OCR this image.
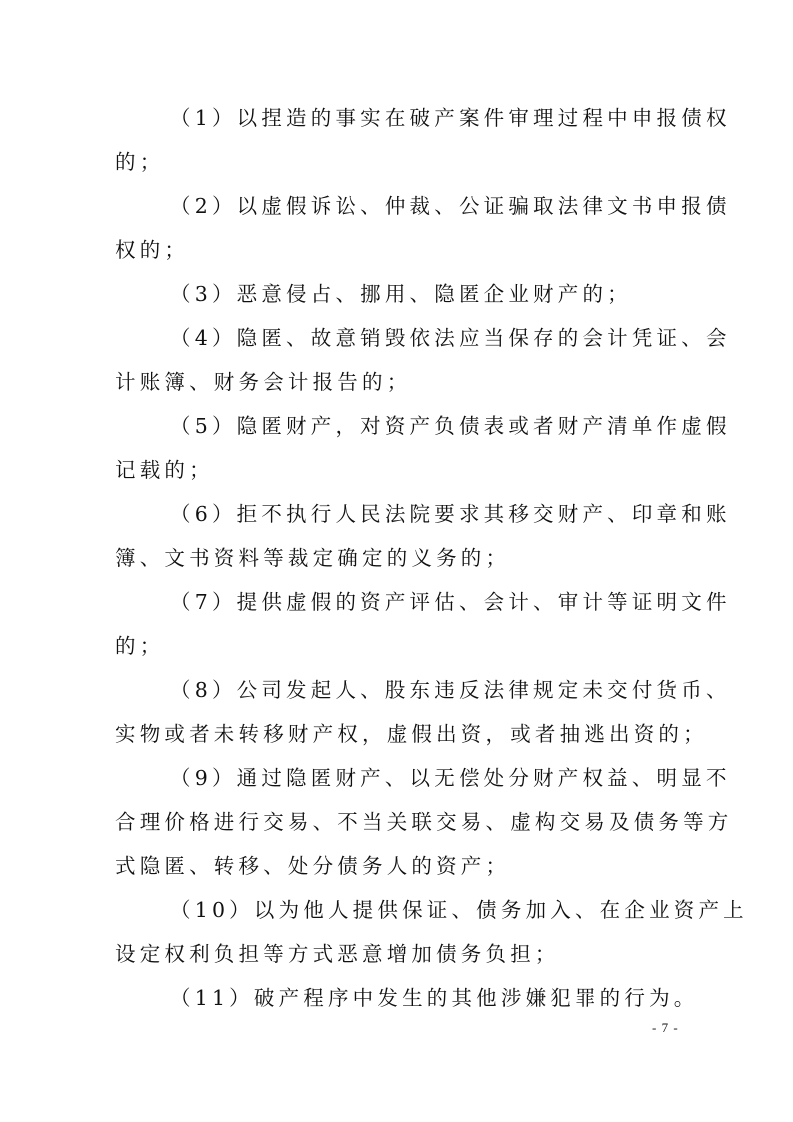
（1）以捏造的事实在破产案件审理过程中申报债权
的；
（2）以虚假诉讼、仲裁、公证骗取法律文书申报债
权的；
（3）恶意侵占、挪用、隐匿企业财产的；
（4）隐匿、故意销毁依法应当保存的会计凭证、会
计账簿、财务会计报告的；
（5）隐匿财产，对资产负债表或者财产清单作虚假
记载的；
（6）拒不执行人民法院要求其移交财产、印章和账
簿、文书资料等裁定确定的义务的；
（7）提供虚假的资产评估、会计、审计等证明文件
的；
（8）公司发起人、股东违反法律规定未交付货币、
实物或者未转移财产权，虚假出资，或者抽逃出资的；
（9）通过隐匿财产、以无偿处分财产权益、明显不
合理价格进行交易、不当关联交易、虚构交易及债务等方
式隐匿、转移、处分债务人的资产；
（10）以为他人提供保证、债务加入、在企业资产上
设定权利负担等方式恶意增加债务负担；
（11）破产程序中发生的其他涉嫌犯罪的行为。
- 7 -
